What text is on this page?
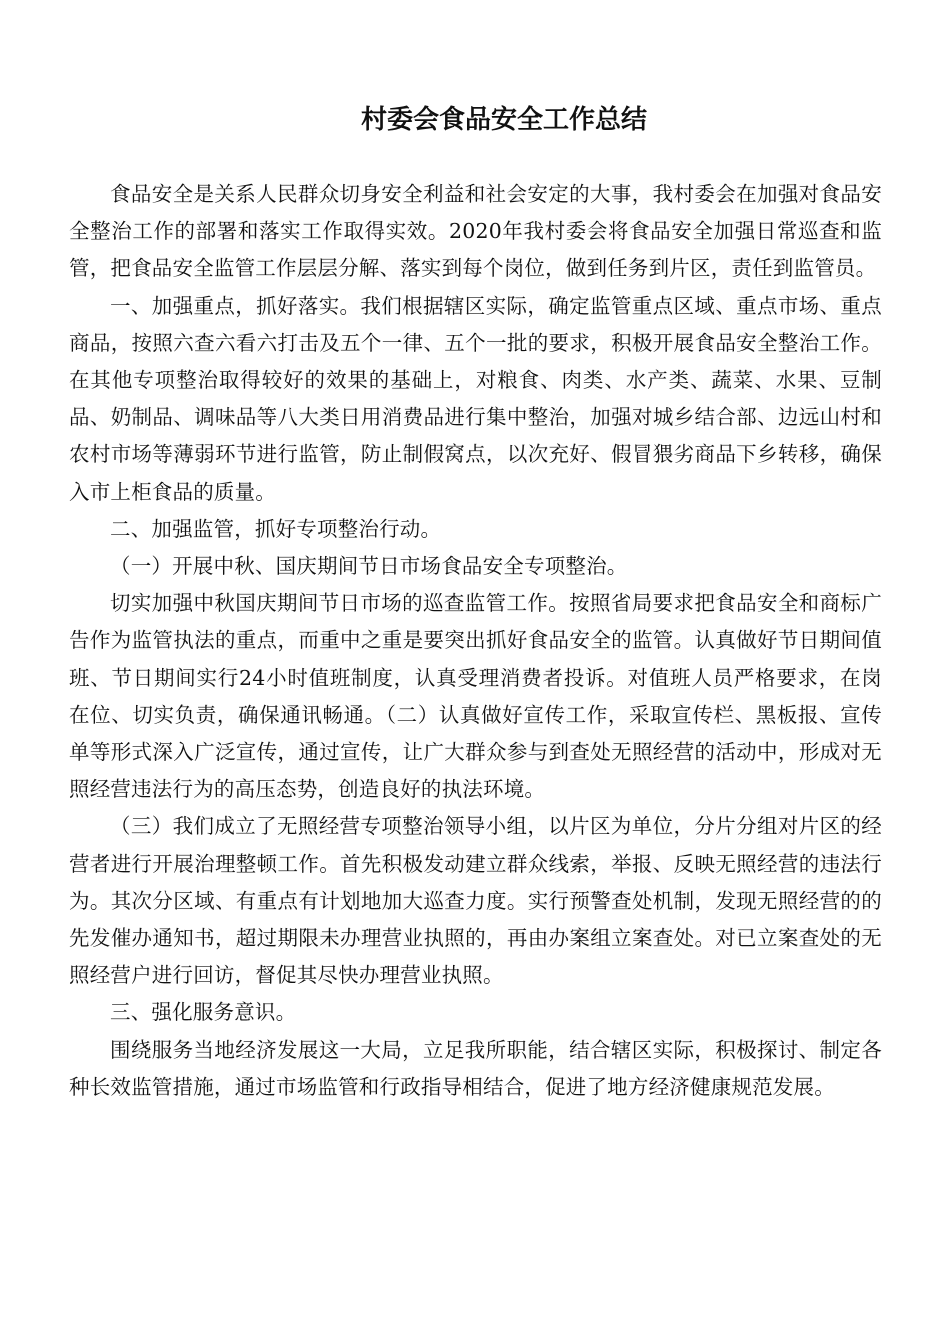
村委会食品安全工作总结

食品安全是关系人民群众切身安全利益和社会安定的大事，我村委会在加强对食品安全整治工作的部署和落实工作取得实效。2020年我村委会将食品安全加强日常巡查和监管，把食品安全监管工作层层分解、落实到每个岗位，做到任务到片区，责任到监管员。

一、加强重点，抓好落实。我们根据辖区实际，确定监管重点区域、重点市场、重点商品，按照六查六看六打击及五个一律、五个一批的要求，积极开展食品安全整治工作。在其他专项整治取得较好的效果的基础上，对粮食、肉类、水产类、蔬菜、水果、豆制品、奶制品、调味品等八大类日用消费品进行集中整治，加强对城乡结合部、边远山村和农村市场等薄弱环节进行监管，防止制假窝点，以次充好、假冒猥劣商品下乡转移，确保入市上柜食品的质量。

二、加强监管，抓好专项整治行动。

（一）开展中秋、国庆期间节日市场食品安全专项整治。

切实加强中秋国庆期间节日市场的巡查监管工作。按照省局要求把食品安全和商标广告作为监管执法的重点，而重中之重是要突出抓好食品安全的监管。认真做好节日期间值班、节日期间实行24小时值班制度，认真受理消费者投诉。对值班人员严格要求，在岗在位、切实负责，确保通讯畅通。（二）认真做好宣传工作，采取宣传栏、黑板报、宣传单等形式深入广泛宣传，通过宣传，让广大群众参与到查处无照经营的活动中，形成对无照经营违法行为的高压态势，创造良好的执法环境。

（三）我们成立了无照经营专项整治领导小组，以片区为单位，分片分组对片区的经营者进行开展治理整顿工作。首先积极发动建立群众线索，举报、反映无照经营的违法行为。其次分区域、有重点有计划地加大巡查力度。实行预警查处机制，发现无照经营的的先发催办通知书，超过期限未办理营业执照的，再由办案组立案查处。对已立案查处的无照经营户进行回访，督促其尽快办理营业执照。

三、强化服务意识。

围绕服务当地经济发展这一大局，立足我所职能，结合辖区实际，积极探讨、制定各种长效监管措施，通过市场监管和行政指导相结合，促进了地方经济健康规范发展。
